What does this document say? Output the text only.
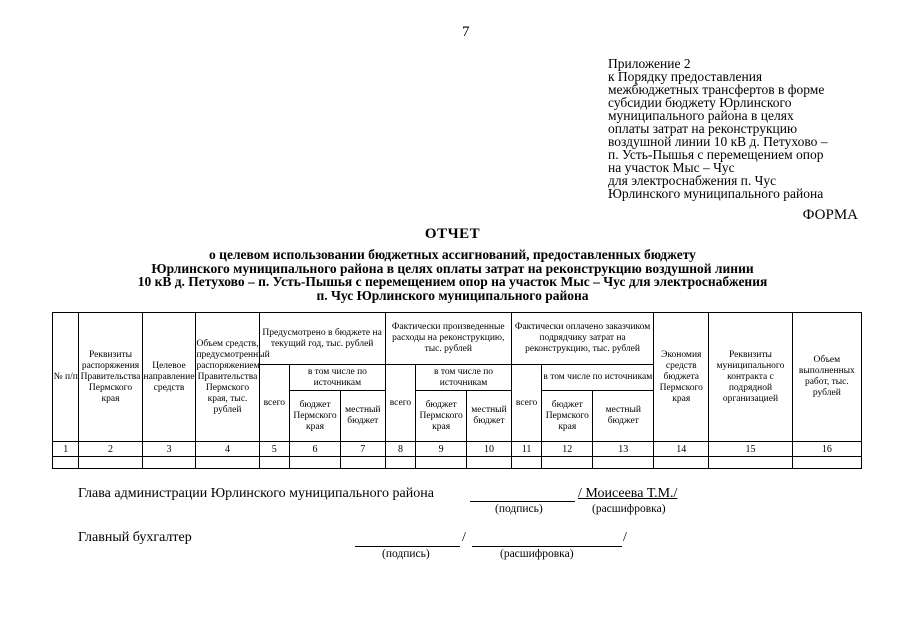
7
Приложение 2
к Порядку предоставления
межбюджетных трансфертов в форме
субсидии бюджету Юрлинского
муниципального района в целях
оплаты затрат на реконструкцию
воздушной линии 10 кВ д. Петухово –
п. Усть-Пышья с перемещением опор
на участок Мыс – Чус
для электроснабжения п. Чус
Юрлинского муниципального района
ФОРМА
ОТЧЕТ
о целевом использовании бюджетных ассигнований, предоставленных бюджету
Юрлинского муниципального района в целях оплаты затрат на реконструкцию воздушной линии
10 кВ д. Петухово – п. Усть-Пышья с перемещением опор на участок Мыс – Чус для электроснабжения
п. Чус Юрлинского муниципального района
№ п/п	Реквизиты распоряжения Правительства Пермского края	Целевое направление средств	Объем средств, предусмотренный распоряжением Правительства Пермского края, тыс. рублей	Предусмотрено в бюджете на текущий год, тыс. рублей			Фактически произведенные расходы на реконструкцию, тыс. рублей			Фактически оплачено заказчиком подрядчику затрат на реконструкцию, тыс. рублей			Экономия средств бюджета Пермского края	Реквизиты муниципального контракта с подрядной организацией	Объем выполненных работ, тыс. рублей
				всего	в том числе по источникам		всего	в том числе по источникам		всего	в том числе по источникам				
					бюджет Пермского края	местный бюджет		бюджет Пермского края	местный бюджет		бюджет Пермского края	местный бюджет			
1	2	3	4	5	6	7	8	9	10	11	12	13	14	15	16

Глава администрации Юрлинского муниципального района	/ Моисеева Т.М./
(подпись)	(расшифровка)
Главный бухгалтер	/	/
(подпись)	(расшифровка)
